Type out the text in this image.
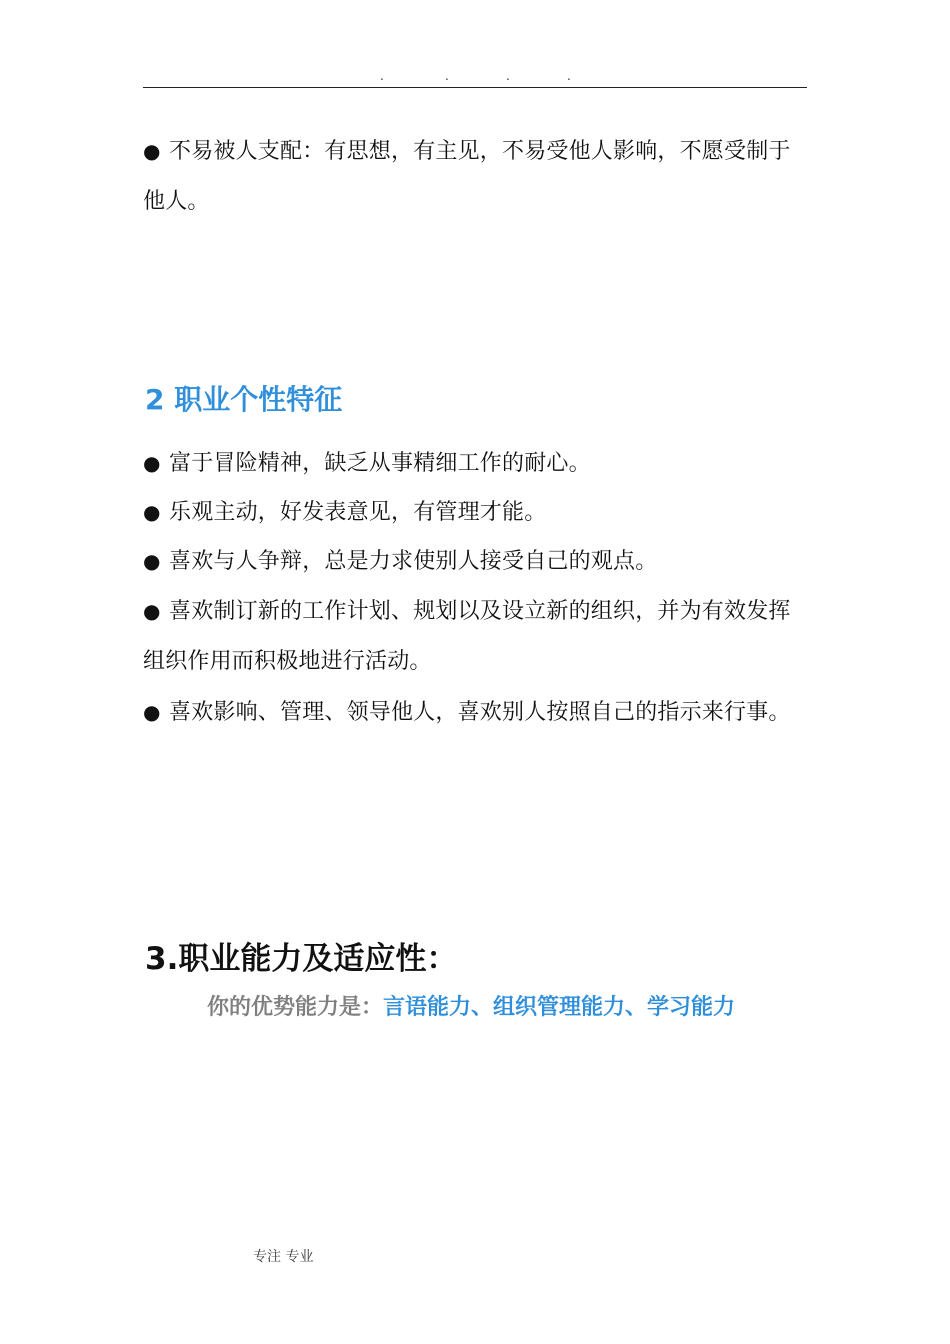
.	.	.	.

● 不易被人支配：有思想，有主见，不易受他人影响，不愿受制于他人。

2 职业个性特征

● 富于冒险精神，缺乏从事精细工作的耐心。

● 乐观主动，好发表意见，有管理才能。

● 喜欢与人争辩，总是力求使别人接受自己的观点。

● 喜欢制订新的工作计划、规划以及设立新的组织，并为有效发挥组织作用而积极地进行活动。

● 喜欢影响、管理、领导他人，喜欢别人按照自己的指示来行事。

3.职业能力及适应性：
你的优势能力是：言语能力、组织管理能力、学习能力
专注 专业
